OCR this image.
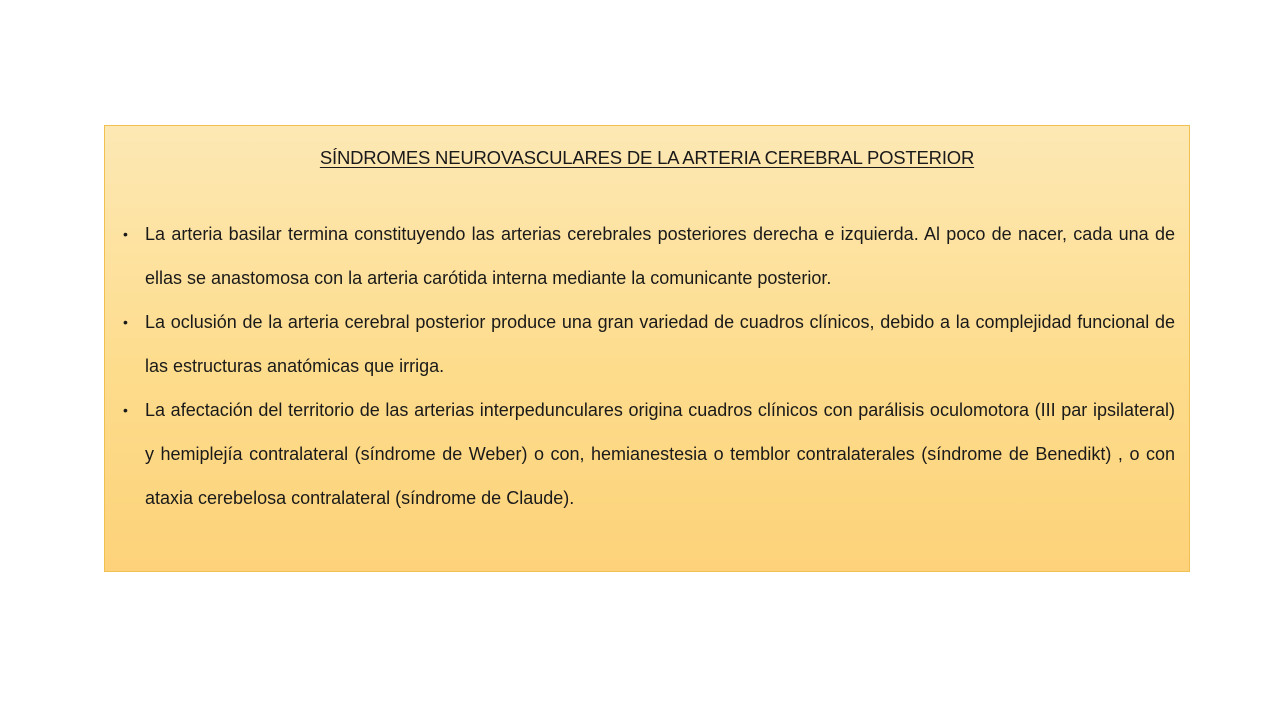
SÍNDROMES NEUROVASCULARES DE LA ARTERIA CEREBRAL POSTERIOR
• La arteria basilar termina constituyendo las arterias cerebrales posteriores derecha e izquierda. Al poco de nacer, cada una de ellas se anastomosa con la arteria carótida interna mediante la comunicante posterior.
• La oclusión de la arteria cerebral posterior produce una gran variedad de cuadros clínicos, debido a la complejidad funcional de las estructuras anatómicas que irriga.
• La afectación del territorio de las arterias interpedunculares origina cuadros clínicos con parálisis oculomotora (III par ipsilateral) y hemiplejía contralateral (síndrome de Weber) o con, hemianestesia o temblor contralaterales (síndrome de Benedikt) , o con ataxia cerebelosa contralateral (síndrome de Claude).
